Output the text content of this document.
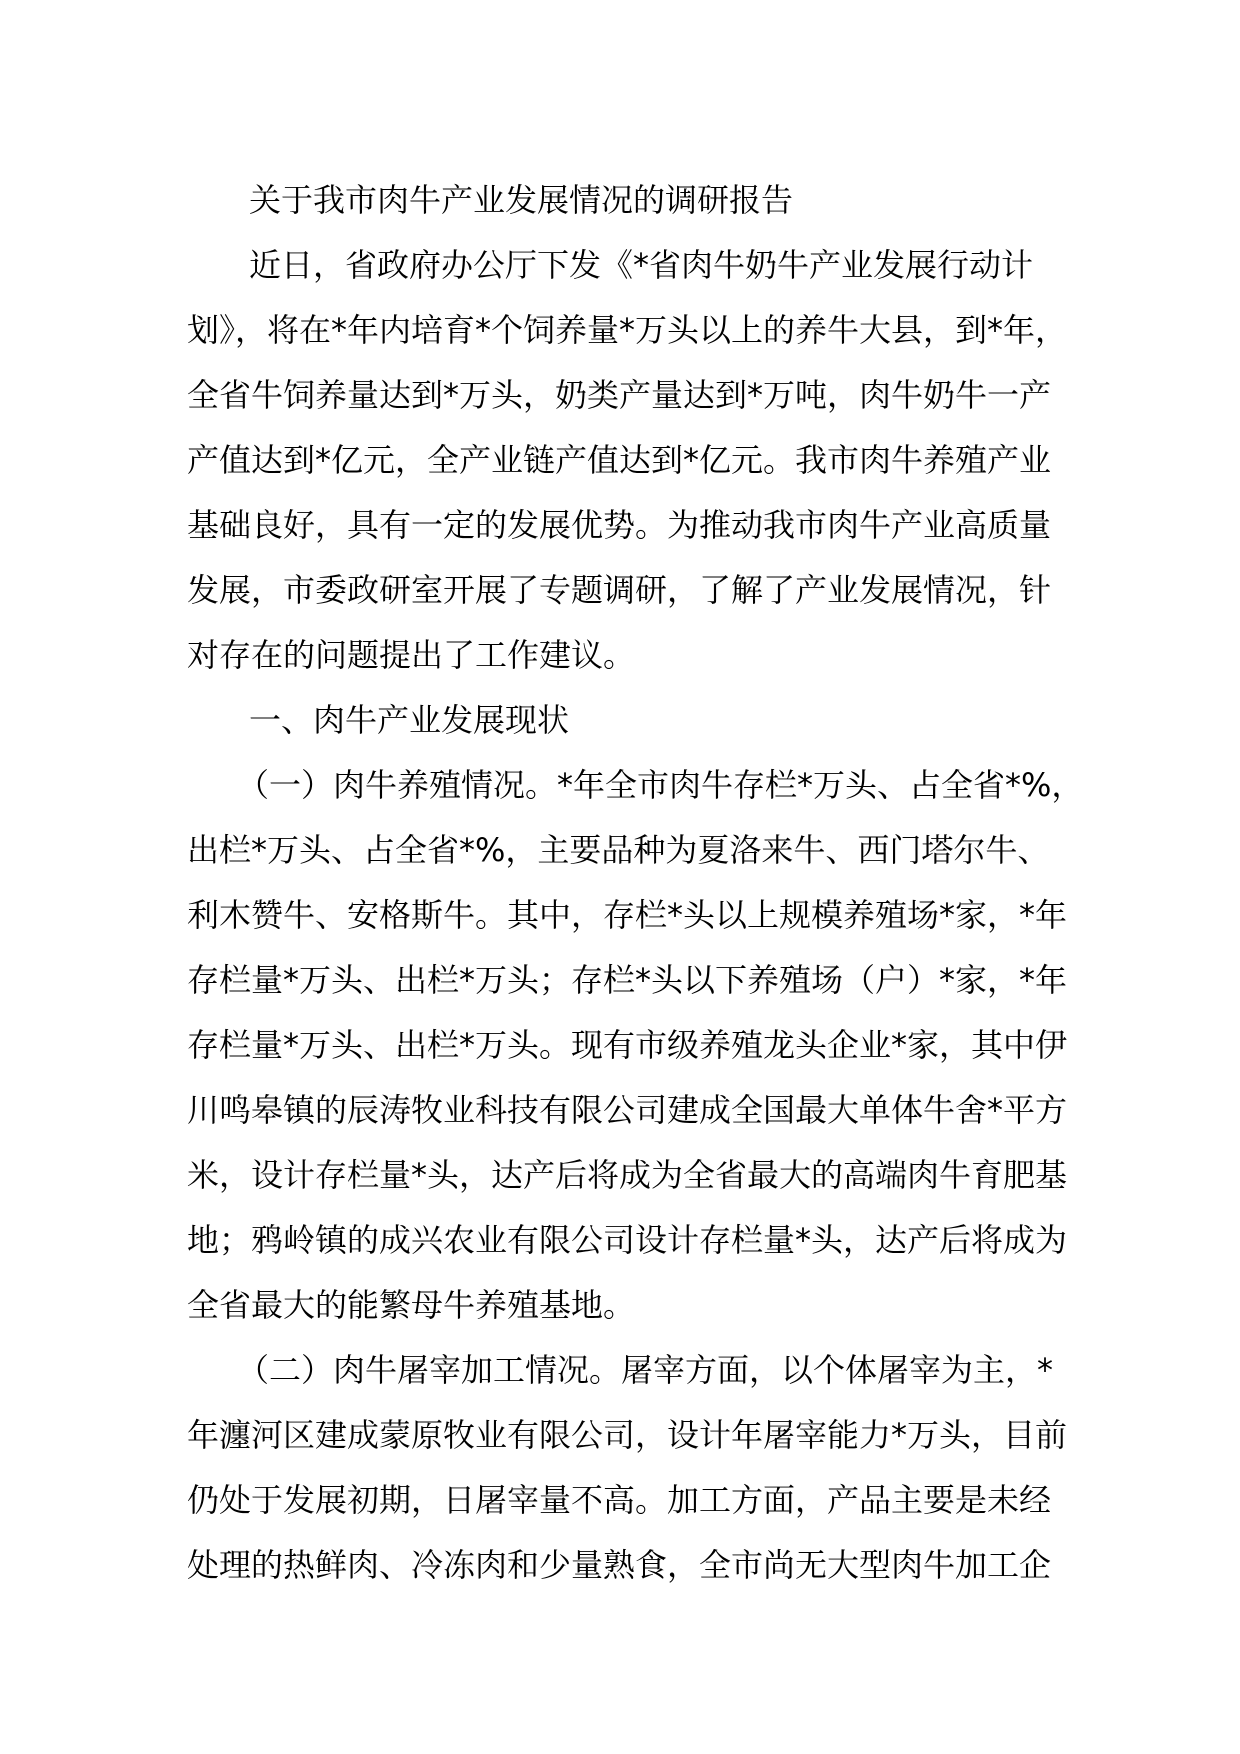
关于我市肉牛产业发展情况的调研报告
近日，省政府办公厅下发《*省肉牛奶牛产业发展行动计
划》，将在*年内培育*个饲养量*万头以上的养牛大县，到*年，
全省牛饲养量达到*万头，奶类产量达到*万吨，肉牛奶牛一产
产值达到*亿元，全产业链产值达到*亿元。我市肉牛养殖产业
基础良好，具有一定的发展优势。为推动我市肉牛产业高质量
发展，市委政研室开展了专题调研，了解了产业发展情况，针
对存在的问题提出了工作建议。
一、肉牛产业发展现状
（一）肉牛养殖情况。*年全市肉牛存栏*万头、占全省*%，
出栏*万头、占全省*%，主要品种为夏洛来牛、西门塔尔牛、
利木赞牛、安格斯牛。其中，存栏*头以上规模养殖场*家，*年
存栏量*万头、出栏*万头；存栏*头以下养殖场（户）*家，*年
存栏量*万头、出栏*万头。现有市级养殖龙头企业*家，其中伊
川鸣皋镇的辰涛牧业科技有限公司建成全国最大单体牛舍*平方
米，设计存栏量*头，达产后将成为全省最大的高端肉牛育肥基
地；鸦岭镇的成兴农业有限公司设计存栏量*头，达产后将成为
全省最大的能繁母牛养殖基地。
（二）肉牛屠宰加工情况。屠宰方面，以个体屠宰为主，*
年瀍河区建成蒙原牧业有限公司，设计年屠宰能力*万头，目前
仍处于发展初期，日屠宰量不高。加工方面，产品主要是未经
处理的热鲜肉、冷冻肉和少量熟食，全市尚无大型肉牛加工企
